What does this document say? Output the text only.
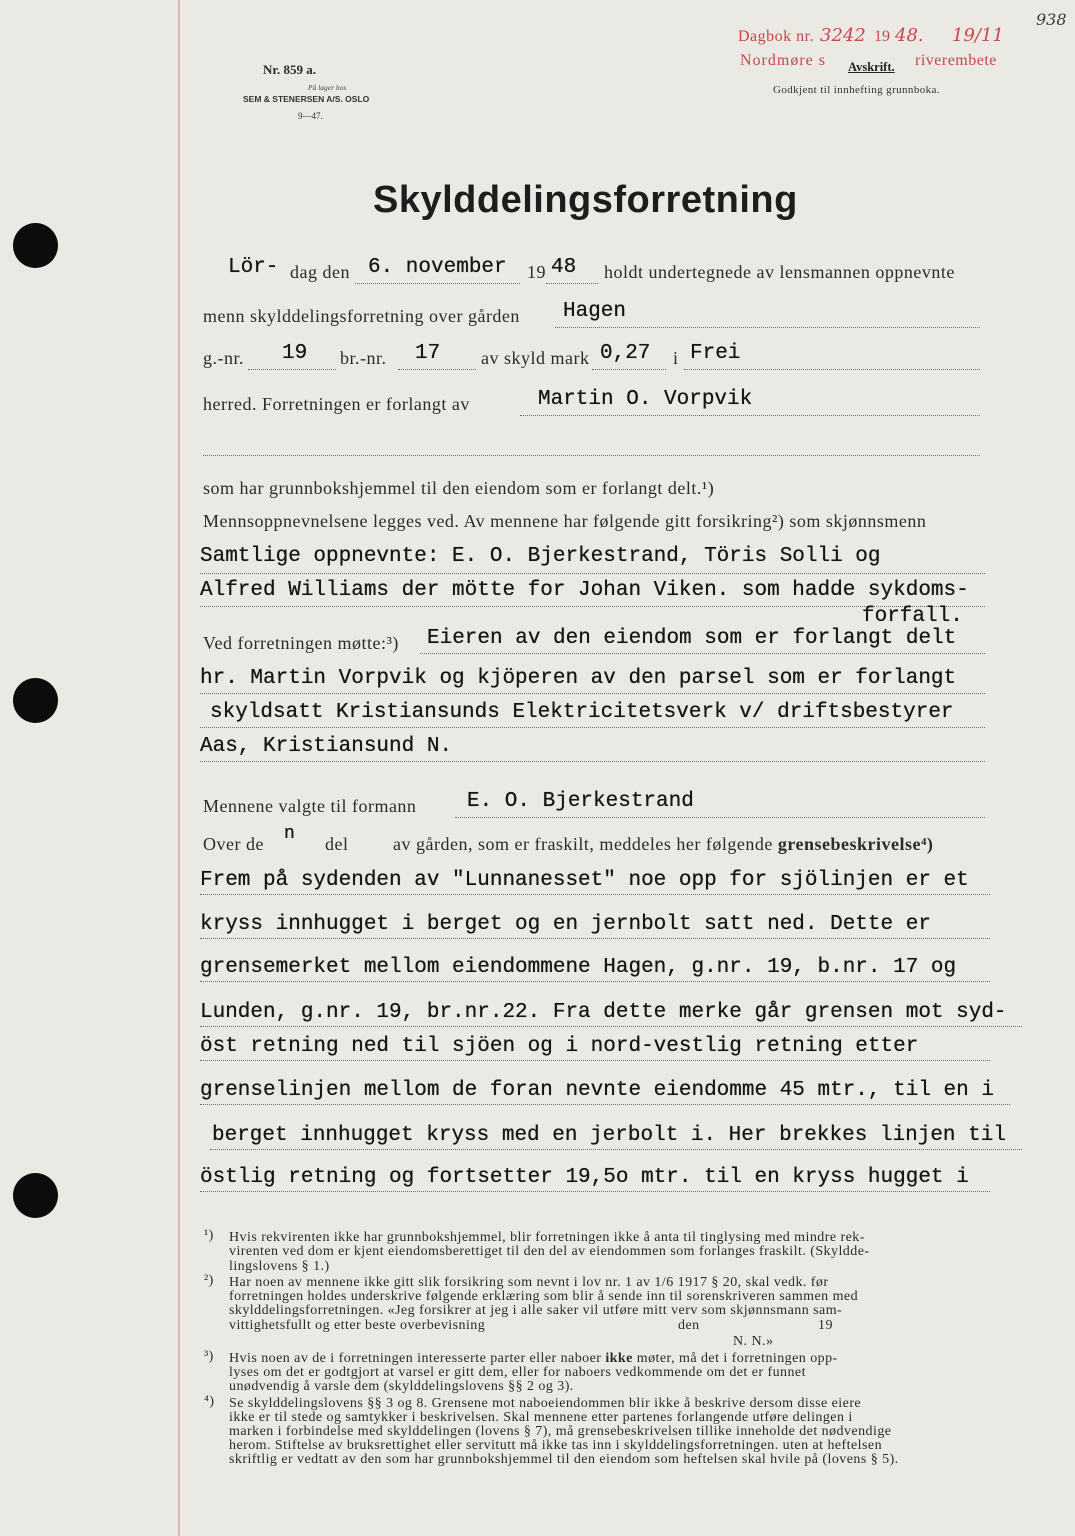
Nr. 859 a.
På lager hos
SEM & STENERSEN A/S. OSLO
9—47.
Dagbok nr. 3242 19 48. 19/11
938
Nordmøre s	riverembete
Avskrift.
Godkjent til innhefting grunnboka.
Skylddelingsforretning
Lör- dag den 6. november 19 48 holdt undertegnede av lensmannen oppnevnte
menn skylddelingsforretning over gården Hagen
g.-nr. 19 br.-nr. 17 av skyld mark 0,27 i Frei
herred. Forretningen er forlangt av	Martin O. Vorpvik
som har grunnbokshjemmel til den eiendom som er forlangt delt.¹)
Mennsoppnevnelsene legges ved. Av mennene har følgende gitt forsikring²) som skjønnsmenn
Samtlige oppnevnte: E. O. Bjerkestrand, Töris Solli og
Alfred Williams der mötte for Johan Viken. som hadde sykdoms-
forfall.
Ved forretningen møtte:³) Eieren av den eiendom som er forlangt delt
hr. Martin Vorpvik og kjöperen av den parsel som er forlangt
skyldsatt Kristiansunds Elektricitetsverk v/ driftsbestyrer
Aas, Kristiansund N.
Mennene valgte til formann E. O. Bjerkestrand
Over de n del av gården, som er fraskilt, meddeles her følgende grensebeskrivelse⁴)
Frem på sydenden av "Lunnanesset" noe opp for sjölinjen er et
kryss innhugget i berget og en jernbolt satt ned. Dette er
grensemerket mellom eiendommene Hagen, g.nr. 19, b.nr. 17 og
Lunden, g.nr. 19, br.nr.22. Fra dette merke går grensen mot syd-
öst retning ned til sjöen og i nord-vestlig retning etter
grenselinjen mellom de foran nevnte eiendomme 45 mtr., til en i
berget innhugget kryss med en jerbolt i. Her brekkes linjen til
östlig retning og fortsetter 19,5o mtr. til en kryss hugget i
¹) Hvis rekvirenten ikke har grunnbokshjemmel, blir forretningen ikke å anta til tinglysing med mindre rek-
virenten ved dom er kjent eiendomsberettiget til den del av eiendommen som forlanges fraskilt. (Skyldde-
lingslovens § 1.)
²) Har noen av mennene ikke gitt slik forsikring som nevnt i lov nr. 1 av 1/6 1917 § 20, skal vedk. før
forretningen holdes underskrive følgende erklæring som blir å sende inn til sorenskriveren sammen med
skylddelingsforretningen. «Jeg forsikrer at jeg i alle saker vil utføre mitt verv som skjønnsmann sam-
vittighetsfullt og etter beste overbevisning	den	19
N. N.»
³) Hvis noen av de i forretningen interesserte parter eller naboer ikke møter, må det i forretningen opp-
lyses om det er godtgjort at varsel er gitt dem, eller for naboers vedkommende om det er funnet
unødvendig å varsle dem (skylddelingslovens §§ 2 og 3).
⁴) Se skylddelingslovens §§ 3 og 8. Grensene mot naboeiendommen blir ikke å beskrive dersom disse eiere
ikke er til stede og samtykker i beskrivelsen. Skal mennene etter partenes forlangende utføre delingen i
marken i forbindelse med skylddelingen (lovens § 7), må grensebeskrivelsen tillike inneholde det nødvendige
herom. Stiftelse av bruksrettighet eller servitutt må ikke tas inn i skylddelingsforretningen. uten at heftelsen
skriftlig er vedtatt av den som har grunnbokshjemmel til den eiendom som heftelsen skal hvile på (lovens § 5).
